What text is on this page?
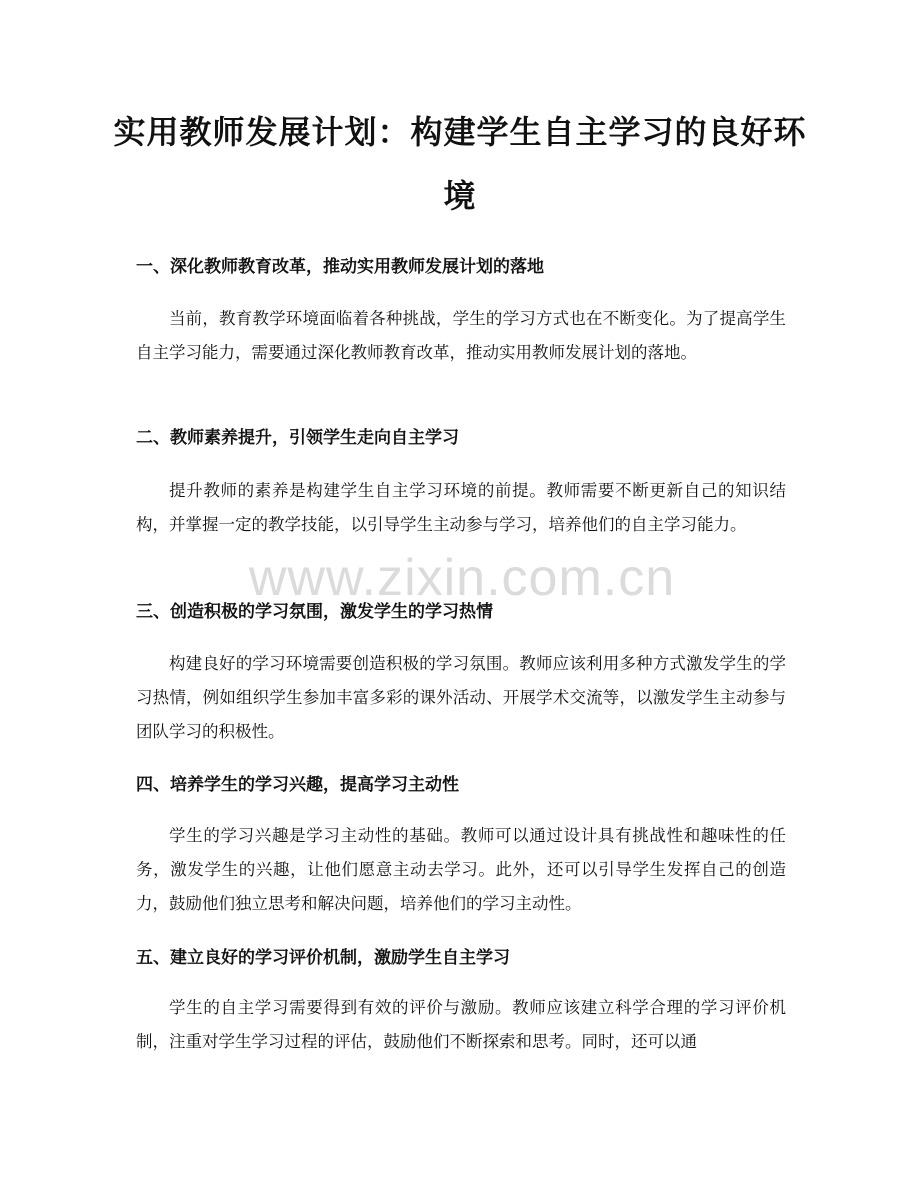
实用教师发展计划：构建学生自主学习的良好环境
一、深化教师教育改革，推动实用教师发展计划的落地
当前，教育教学环境面临着各种挑战，学生的学习方式也在不断变化。为了提高学生自主学习能力，需要通过深化教师教育改革，推动实用教师发展计划的落地。
二、教师素养提升，引领学生走向自主学习
提升教师的素养是构建学生自主学习环境的前提。教师需要不断更新自己的知识结构，并掌握一定的教学技能，以引导学生主动参与学习，培养他们的自主学习能力。
三、创造积极的学习氛围，激发学生的学习热情
构建良好的学习环境需要创造积极的学习氛围。教师应该利用多种方式激发学生的学习热情，例如组织学生参加丰富多彩的课外活动、开展学术交流等，以激发学生主动参与团队学习的积极性。
四、培养学生的学习兴趣，提高学习主动性
学生的学习兴趣是学习主动性的基础。教师可以通过设计具有挑战性和趣味性的任务，激发学生的兴趣，让他们愿意主动去学习。此外，还可以引导学生发挥自己的创造力，鼓励他们独立思考和解决问题，培养他们的学习主动性。
五、建立良好的学习评价机制，激励学生自主学习
学生的自主学习需要得到有效的评价与激励。教师应该建立科学合理的学习评价机制，注重对学生学习过程的评估，鼓励他们不断探索和思考。同时，还可以通
www.zixin.com.cn
